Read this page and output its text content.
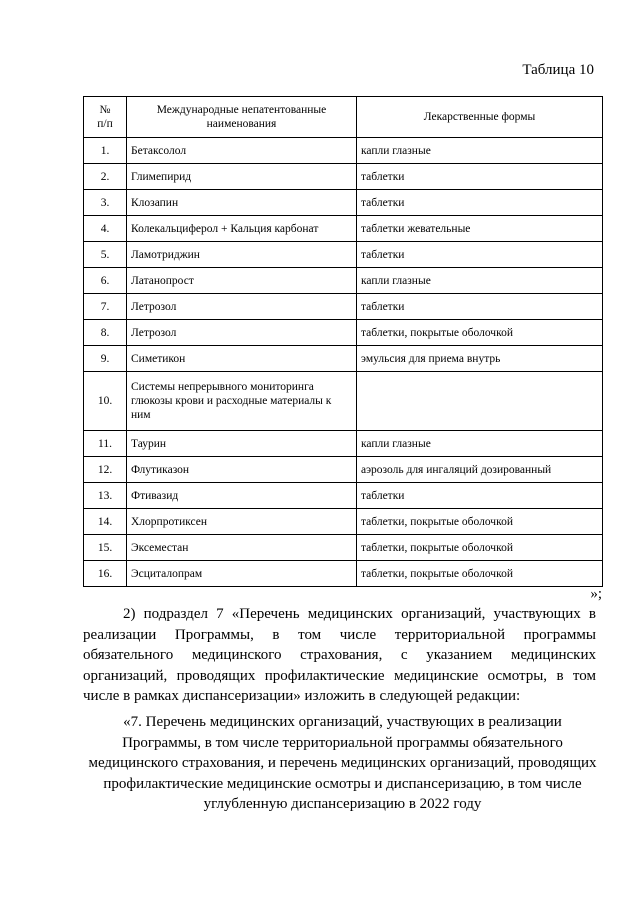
Таблица 10
№
п/п	Международные непатентованные наименования	Лекарственные формы
1.	Бетаксолол	капли глазные
2.	Глимепирид	таблетки
3.	Клозапин	таблетки
4.	Колекальциферол + Кальция карбонат	таблетки жевательные
5.	Ламотриджин	таблетки
6.	Латанопрост	капли глазные
7.	Летрозол	таблетки
8.	Летрозол	таблетки, покрытые оболочкой
9.	Симетикон	эмульсия для приема внутрь
10.	Системы непрерывного мониторинга глюкозы крови и расходные материалы к ним	
11.	Таурин	капли глазные
12.	Флутиказон	аэрозоль для ингаляций дозированный
13.	Фтивазид	таблетки
14.	Хлорпротиксен	таблетки, покрытые оболочкой
15.	Эксеместан	таблетки, покрытые оболочкой
16.	Эсциталопрам	таблетки, покрытые оболочкой
»;
2) подраздел 7 «Перечень медицинских организаций, участвующих в реализации Программы, в том числе территориальной программы обязательного медицинского страхования, с указанием медицинских организаций, проводящих профилактические медицинские осмотры, в том числе в рамках диспансеризации» изложить в следующей редакции:
«7. Перечень медицинских организаций, участвующих в реализации Программы, в том числе территориальной программы обязательного медицинского страхования, и перечень медицинских организаций, проводящих профилактические медицинские осмотры и диспансеризацию, в том числе углубленную диспансеризацию в 2022 году
